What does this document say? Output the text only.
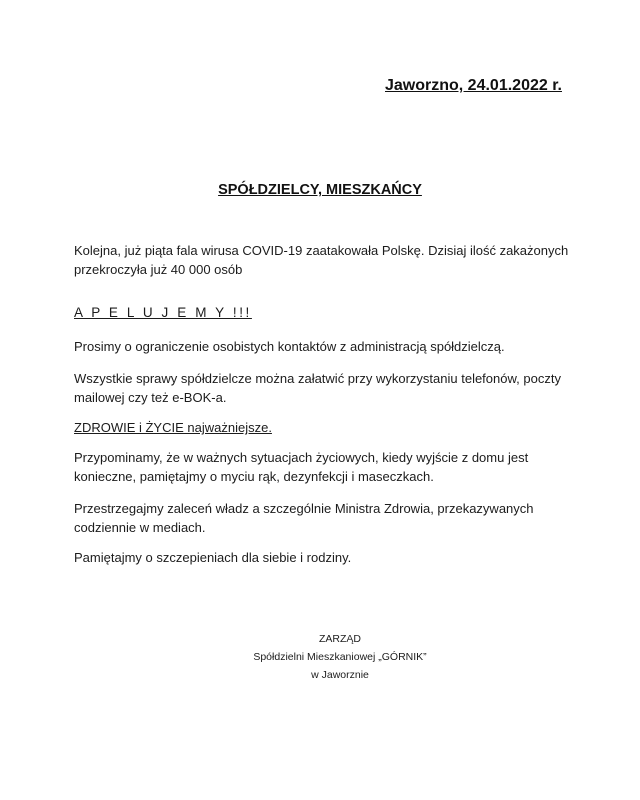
Jaworzno, 24.01.2022 r.
SPÓŁDZIELCY, MIESZKAŃCY
Kolejna, już piąta fala wirusa COVID-19 zaatakowała Polskę. Dzisiaj ilość zakażonych przekroczyła już 40 000 osób
A P E L U J E M Y !!!
Prosimy o ograniczenie osobistych kontaktów z administracją spółdzielczą.
Wszystkie sprawy spółdzielcze można załatwić przy wykorzystaniu telefonów, poczty mailowej czy też e-BOK-a.
ZDROWIE i ŻYCIE najważniejsze.
Przypominamy, że w ważnych sytuacjach życiowych, kiedy wyjście z domu jest konieczne, pamiętajmy o myciu rąk, dezynfekcji i maseczkach.
Przestrzegajmy zaleceń władz a szczególnie Ministra Zdrowia, przekazywanych codziennie w mediach.
Pamiętajmy o szczepieniach dla siebie i rodziny.
ZARZĄD
Spółdzielni Mieszkaniowej „GÓRNIK”
w Jaworznie
